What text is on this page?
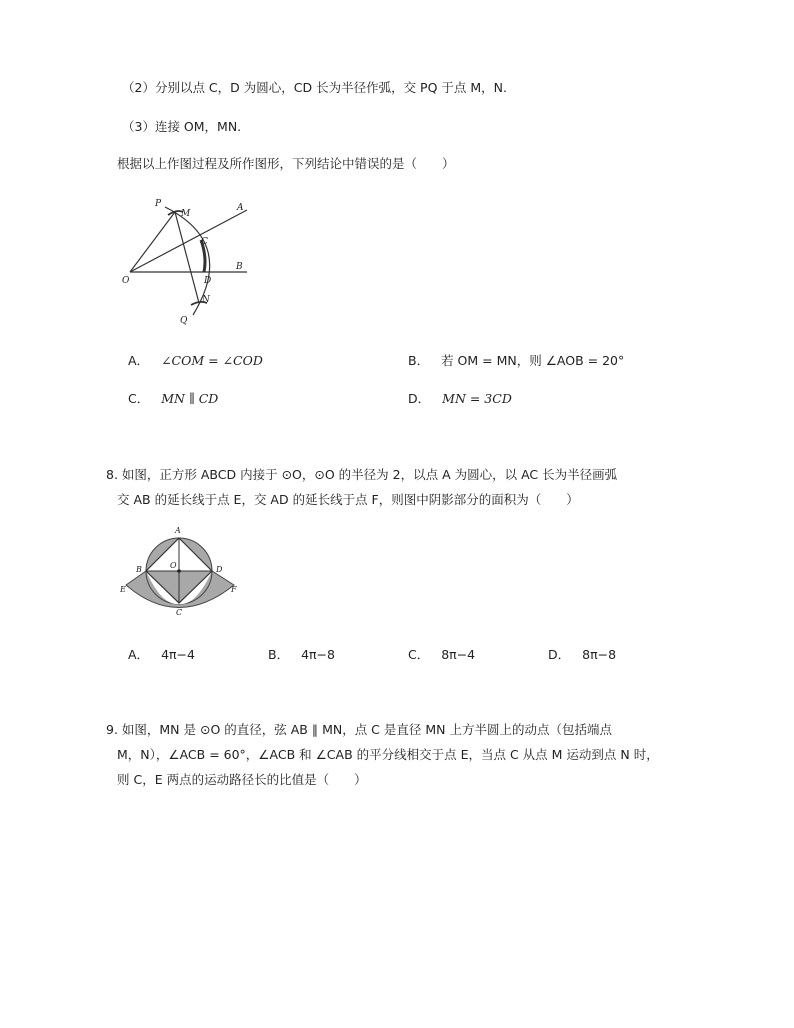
（2）分别以点 C，D 为圆心，CD 长为半径作弧，交 PQ 于点 M，N.
（3）连接 OM，MN.
根据以上作图过程及所作图形，下列结论中错误的是（　　）
P
M
A
C
O	D
B
N
Q
A． ∠COM = ∠COD	B． 若 OM = MN，则 ∠AOB = 20°
C． MN ∥ CD	D． MN = 3CD
8. 如图，正方形 ABCD 内接于 ⊙O，⊙O 的半径为 2，以点 A 为圆心，以 AC 长为半径画弧
交 AB 的延长线于点 E，交 AD 的延长线于点 F，则图中阴影部分的面积为（　　）
A
B	O	D
E	F
C
A． 4π−4	B． 4π−8	C． 8π−4	D． 8π−8
9. 如图，MN 是 ⊙O 的直径，弦 AB ∥ MN，点 C 是直径 MN 上方半圆上的动点（包括端点
M，N），∠ACB = 60°，∠ACB 和 ∠CAB 的平分线相交于点 E，当点 C 从点 M 运动到点 N 时，
则 C，E 两点的运动路径长的比值是（　　）
